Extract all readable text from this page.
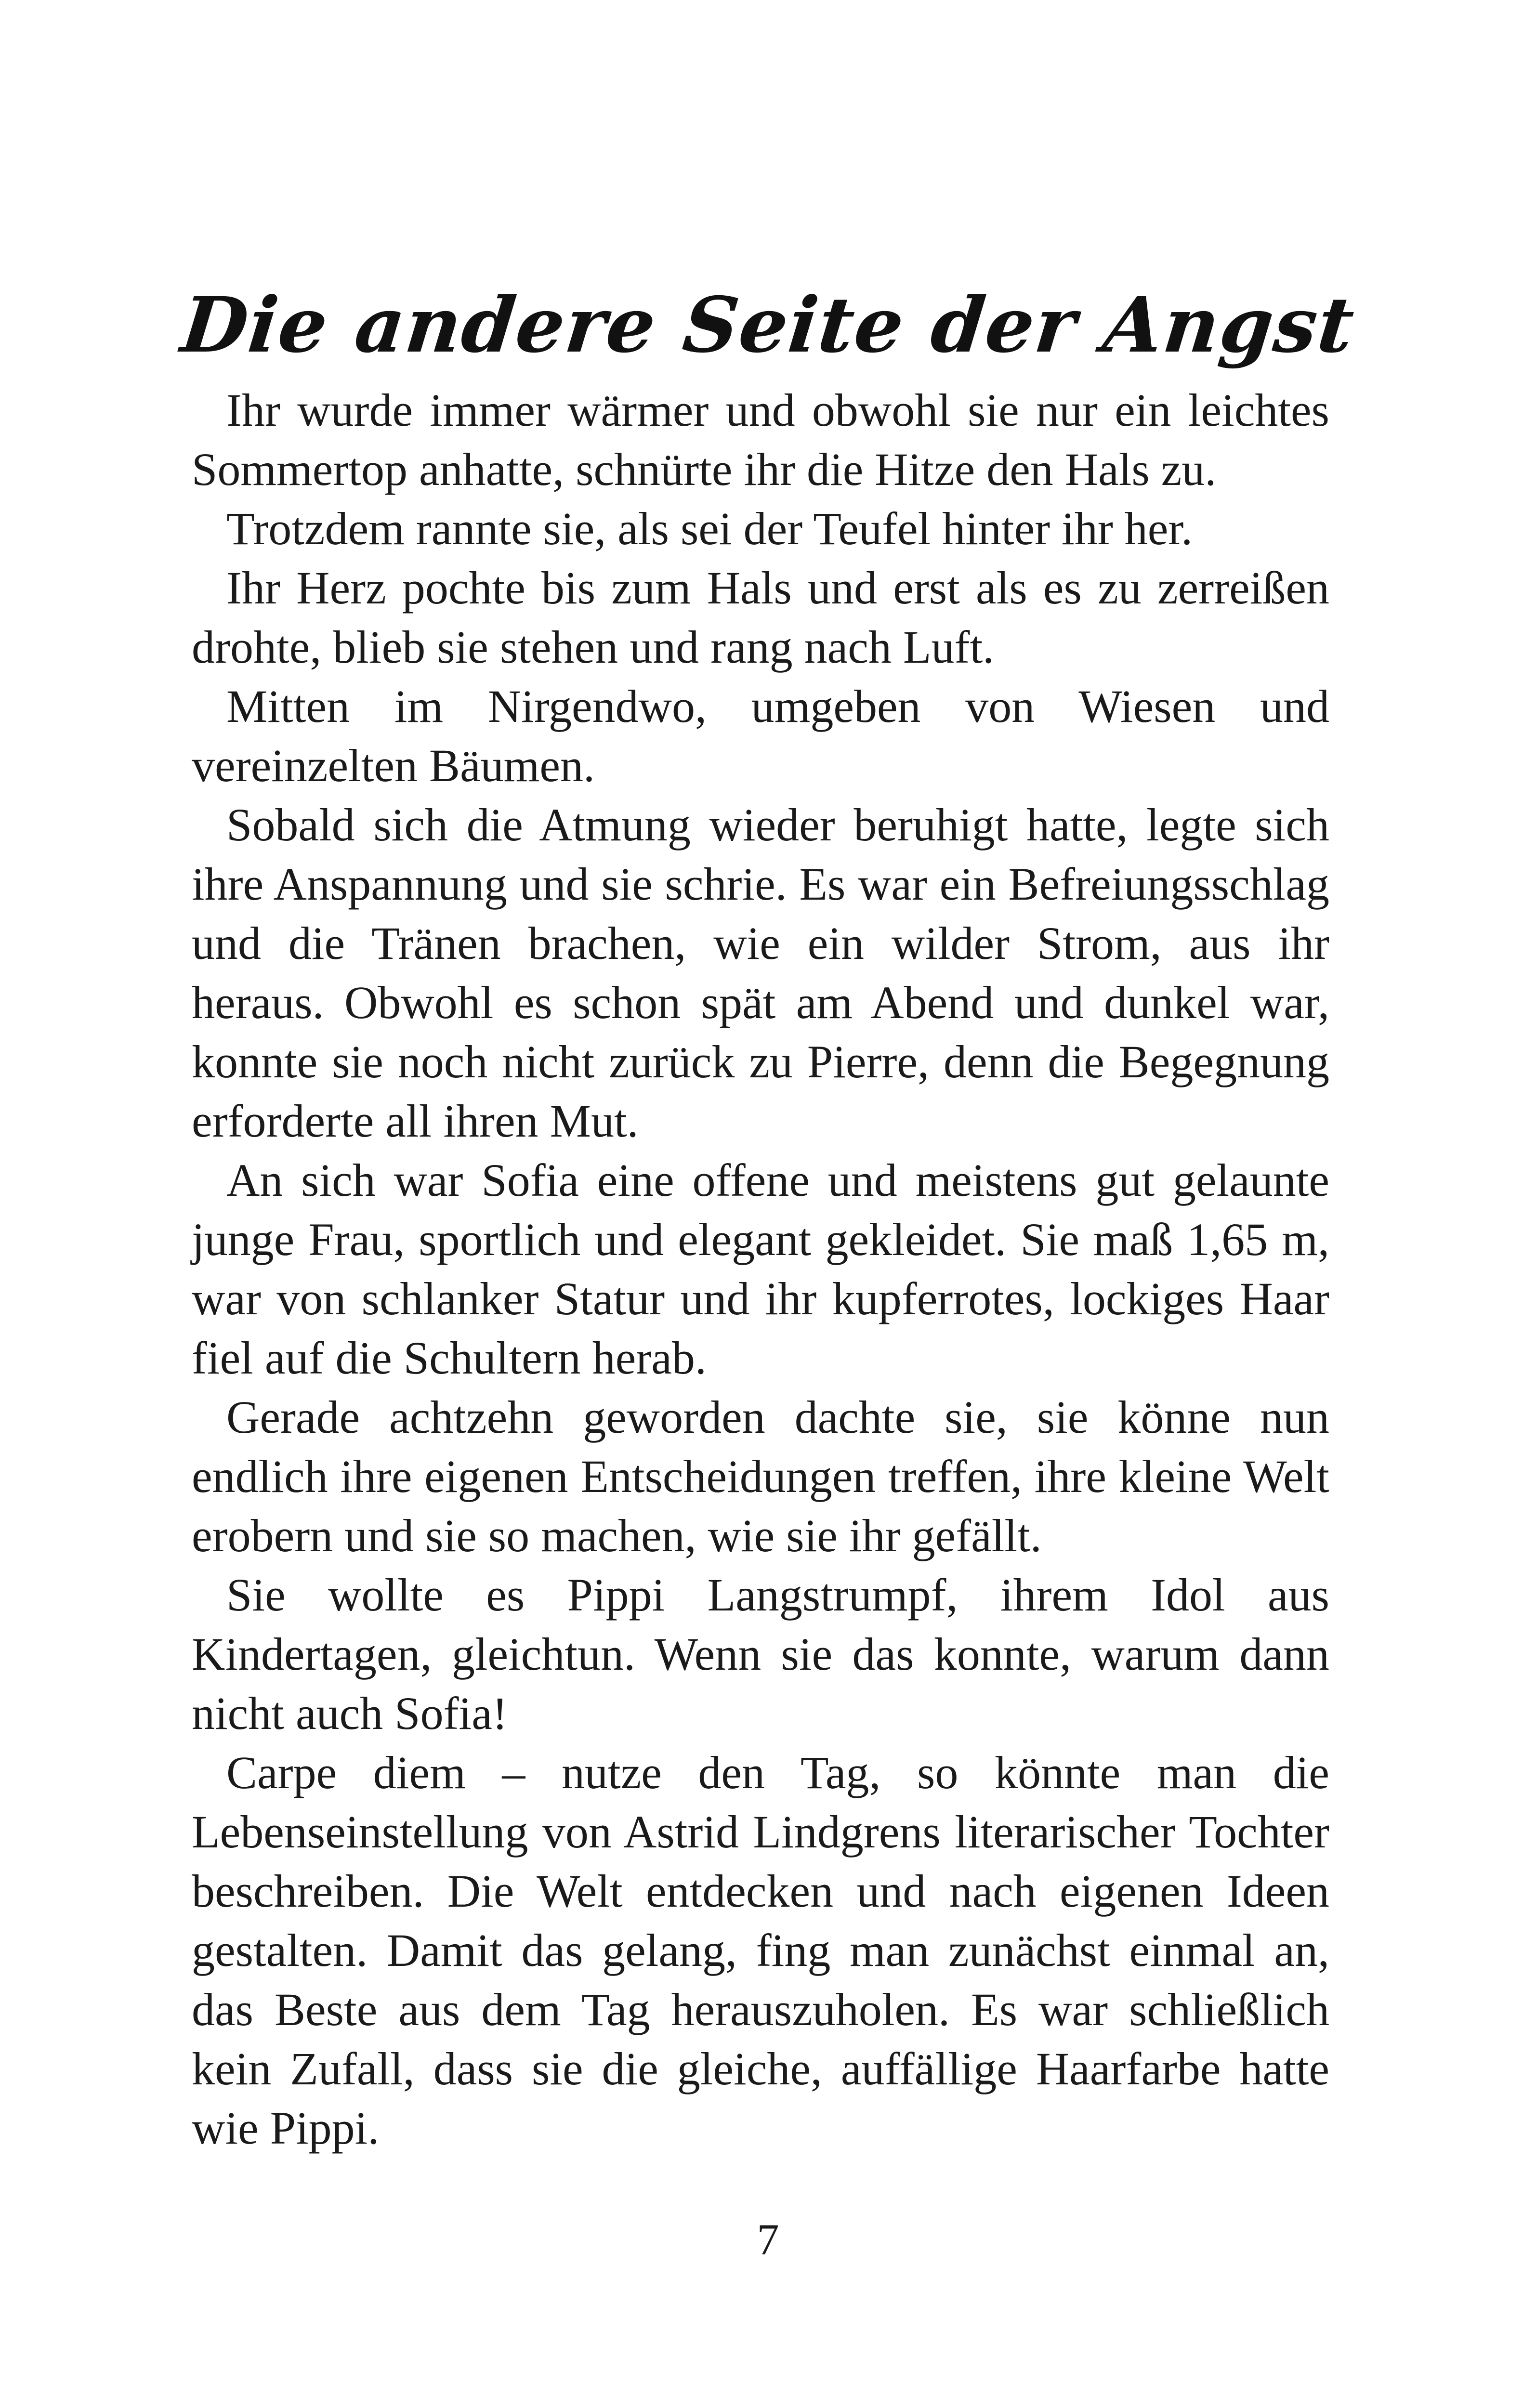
Die andere Seite der Angst

Ihr wurde immer wärmer und obwohl sie nur ein leichtes Sommertop anhatte, schnürte ihr die Hitze den Hals zu.

Trotzdem rannte sie, als sei der Teufel hinter ihr her.

Ihr Herz pochte bis zum Hals und erst als es zu zerreißen drohte, blieb sie stehen und rang nach Luft.

Mitten im Nirgendwo, umgeben von Wiesen und vereinzelten Bäumen.

Sobald sich die Atmung wieder beruhigt hatte, legte sich ihre Anspannung und sie schrie. Es war ein Befreiungsschlag und die Tränen brachen, wie ein wilder Strom, aus ihr heraus. Obwohl es schon spät am Abend und dunkel war, konnte sie noch nicht zurück zu Pierre, denn die Begegnung erforderte all ihren Mut.

An sich war Sofia eine offene und meistens gut gelaunte junge Frau, sportlich und elegant gekleidet. Sie maß 1,65 m, war von schlanker Statur und ihr kupferrotes, lockiges Haar fiel auf die Schultern herab.

Gerade achtzehn geworden dachte sie, sie könne nun endlich ihre eigenen Entscheidungen treffen, ihre kleine Welt erobern und sie so machen, wie sie ihr gefällt.

Sie wollte es Pippi Langstrumpf, ihrem Idol aus Kindertagen, gleichtun. Wenn sie das konnte, warum dann nicht auch Sofia!

Carpe diem – nutze den Tag, so könnte man die Lebenseinstellung von Astrid Lindgrens literarischer Tochter beschreiben. Die Welt entdecken und nach eigenen Ideen gestalten. Damit das gelang, fing man zunächst einmal an, das Beste aus dem Tag herauszuholen. Es war schließlich kein Zufall, dass sie die gleiche, auffällige Haarfarbe hatte wie Pippi.

7
